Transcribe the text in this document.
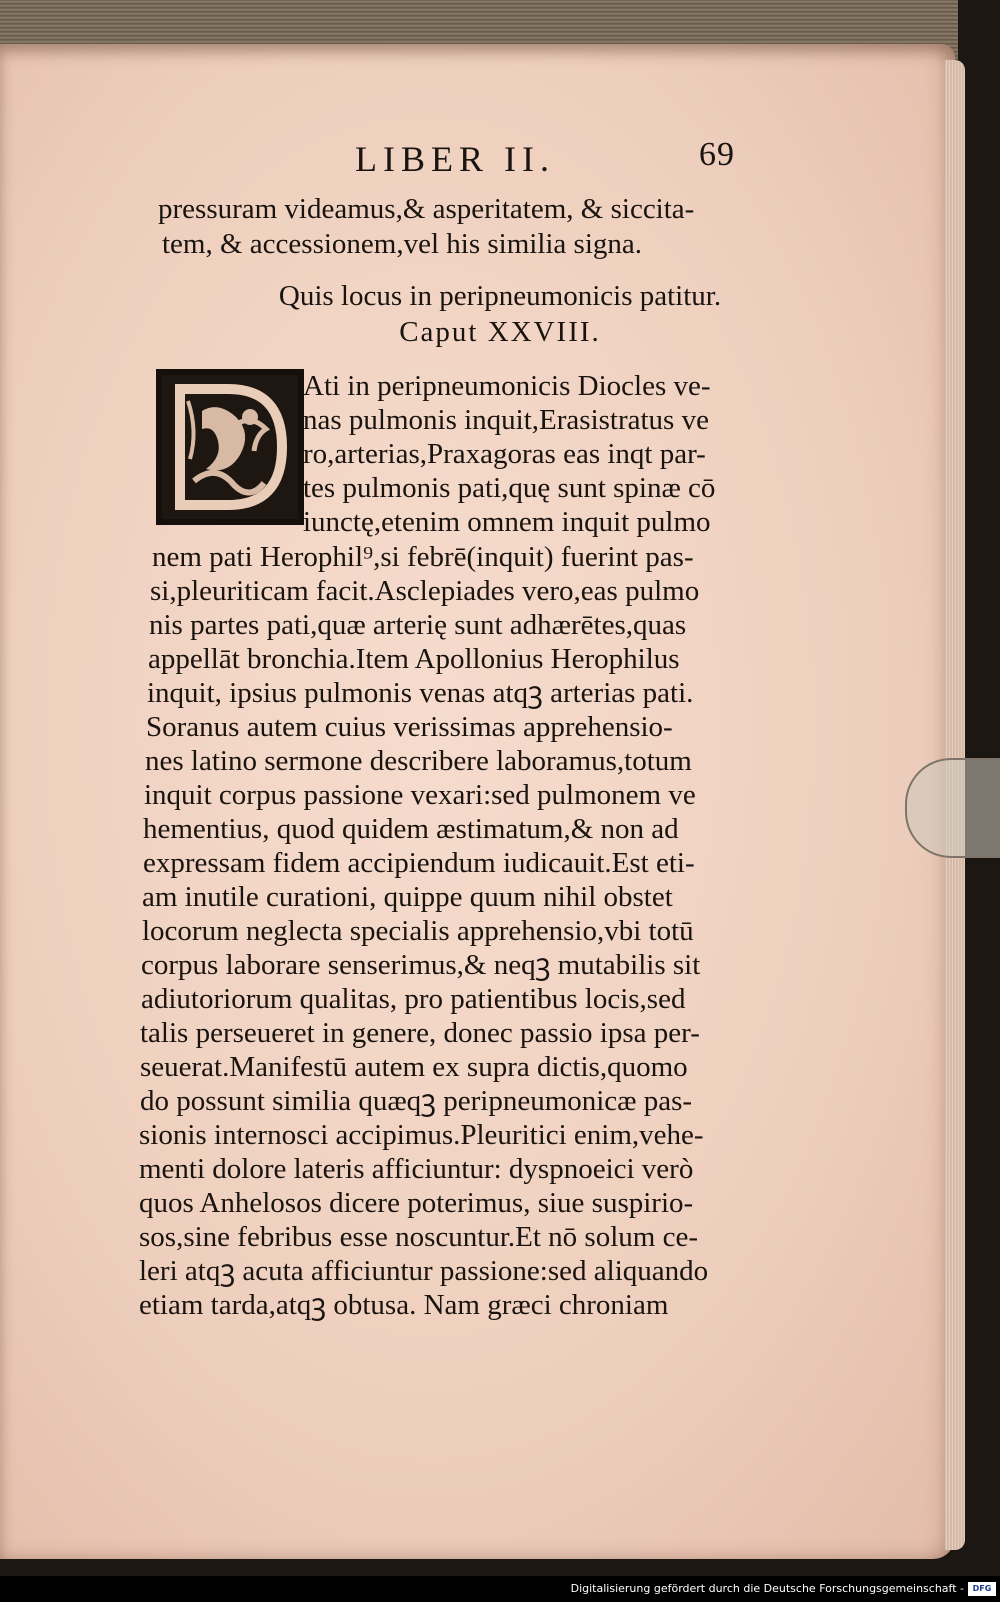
LIBER II.	69
pressuram videamus,& asperitatem, & siccita-
tem, & accessionem,vel his similia signa.
Quis locus in peripneumonicis patitur.
Caput XXVIII.
Ati in peripneumonicis Diocles ve-
nas pulmonis inquit,Erasistratus ve
ro,arterias,Praxagoras eas inqt par-
tes pulmonis pati,quę sunt spinæ cō
iunctę,etenim omnem inquit pulmo
nem pati Herophil⁹,si febrē(inquit) fuerint pas-
si,pleuriticam facit.Asclepiades vero,eas pulmo
nis partes pati,quæ arterię sunt adhærētes,quas
appellāt bronchia.Item Apollonius Herophilus
inquit, ipsius pulmonis venas atqꝫ arterias pati.
Soranus autem cuius verissimas apprehensio-
nes latino sermone describere laboramus,totum
inquit corpus passione vexari:sed pulmonem ve
hementius, quod quidem æstimatum,& non ad
expressam fidem accipiendum iudicauit.Est eti-
am inutile curationi, quippe quum nihil obstet
locorum neglecta specialis apprehensio,vbi totū
corpus laborare senserimus,& neqꝫ mutabilis sit
adiutoriorum qualitas, pro patientibus locis,sed
talis perseueret in genere, donec passio ipsa per-
seuerat.Manifestū autem ex supra dictis,quomo
do possunt similia quæqꝫ peripneumonicæ pas-
sionis internosci accipimus.Pleuritici enim,vehe-
menti dolore lateris afficiuntur: dyspnoeici verò
quos Anhelosos dicere poterimus, siue suspirio-
sos,sine febribus esse noscuntur.Et nō solum ce-
leri atqꝫ acuta afficiuntur passione:sed aliquando
etiam tarda,atqꝫ obtusa. Nam græci chroniam
Digitalisierung gefördert durch die Deutsche Forschungsgemeinschaft -	DFG
